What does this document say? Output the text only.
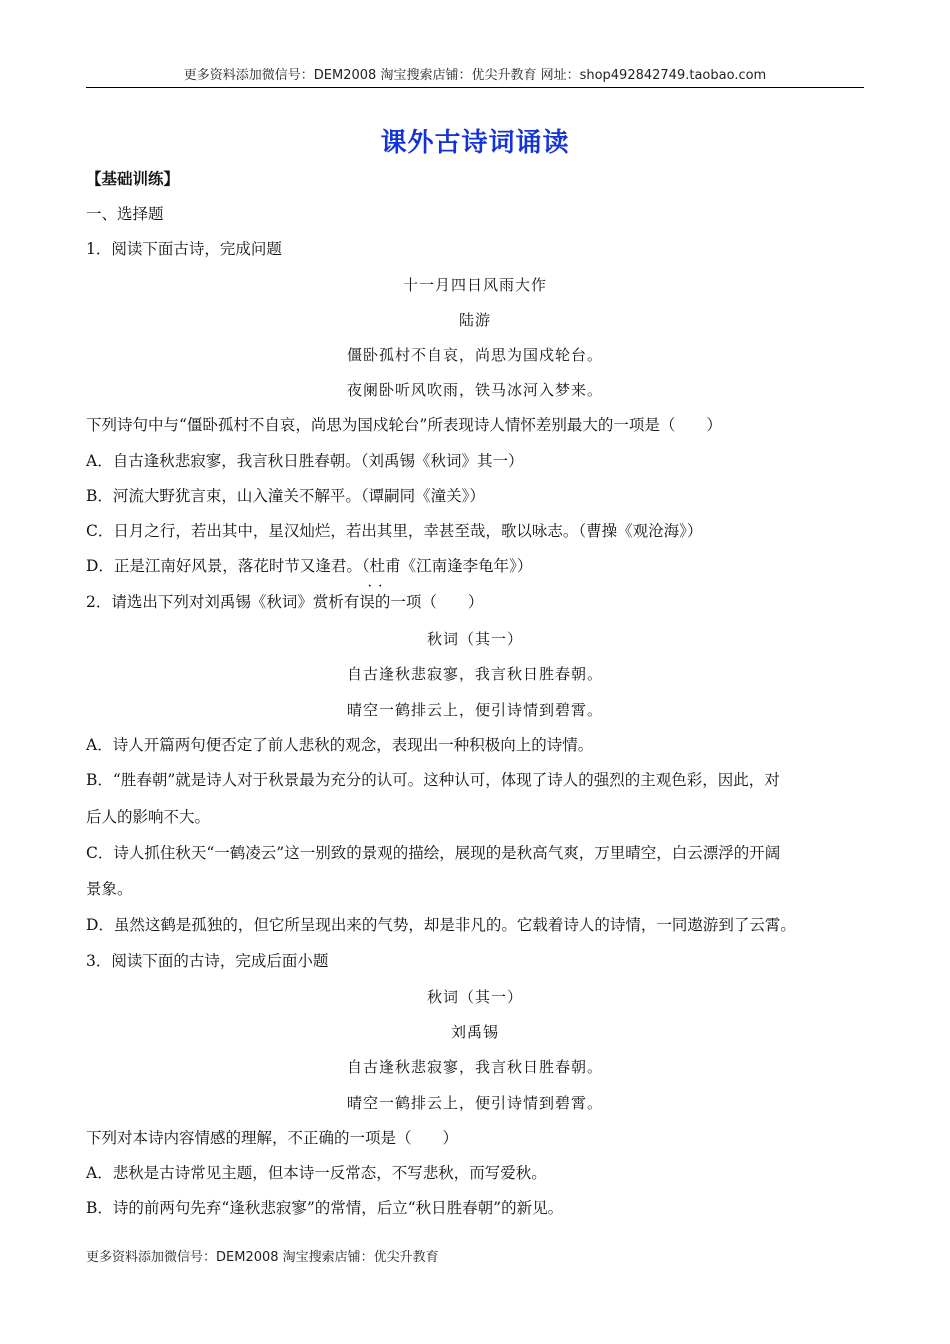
更多资料添加微信号：DEM2008 淘宝搜索店铺：优尖升教育 网址：shop492842749.taobao.com
课外古诗词诵读
【基础训练】
一、选择题
1．阅读下面古诗，完成问题
十一月四日风雨大作
陆游
僵卧孤村不自哀，尚思为国戍轮台。
夜阑卧听风吹雨，铁马冰河入梦来。
下列诗句中与“僵卧孤村不自哀，尚思为国戍轮台”所表现诗人情怀差别最大的一项是（　　）
A．自古逢秋悲寂寥，我言秋日胜春朝。（刘禹锡《秋词》其一）
B．河流大野犹言束，山入潼关不解平。（谭嗣同《潼关》）
C．日月之行，若出其中，星汉灿烂，若出其里，幸甚至哉，歌以咏志。（曹操《观沧海》）
D．正是江南好风景，落花时节又逢君。（杜甫《江南逢李龟年》）
··
2．请选出下列对刘禹锡《秋词》赏析有误的一项（　　）
秋词（其一）
自古逢秋悲寂寥，我言秋日胜春朝。
晴空一鹤排云上，便引诗情到碧霄。
A．诗人开篇两句便否定了前人悲秋的观念，表现出一种积极向上的诗情。
B．“胜春朝”就是诗人对于秋景最为充分的认可。这种认可，体现了诗人的强烈的主观色彩，因此，对
后人的影响不大。
C．诗人抓住秋天“一鹤凌云”这一别致的景观的描绘，展现的是秋高气爽，万里晴空，白云漂浮的开阔
景象。
D．虽然这鹤是孤独的，但它所呈现出来的气势，却是非凡的。它载着诗人的诗情，一同遨游到了云霄。
3．阅读下面的古诗，完成后面小题
秋词（其一）
刘禹锡
自古逢秋悲寂寥，我言秋日胜春朝。
晴空一鹤排云上，便引诗情到碧霄。
下列对本诗内容情感的理解，不正确的一项是（　　）
A．悲秋是古诗常见主题，但本诗一反常态，不写悲秋，而写爱秋。
B．诗的前两句先弃“逢秋悲寂寥”的常情，后立“秋日胜春朝”的新见。
更多资料添加微信号：DEM2008 淘宝搜索店铺：优尖升教育
